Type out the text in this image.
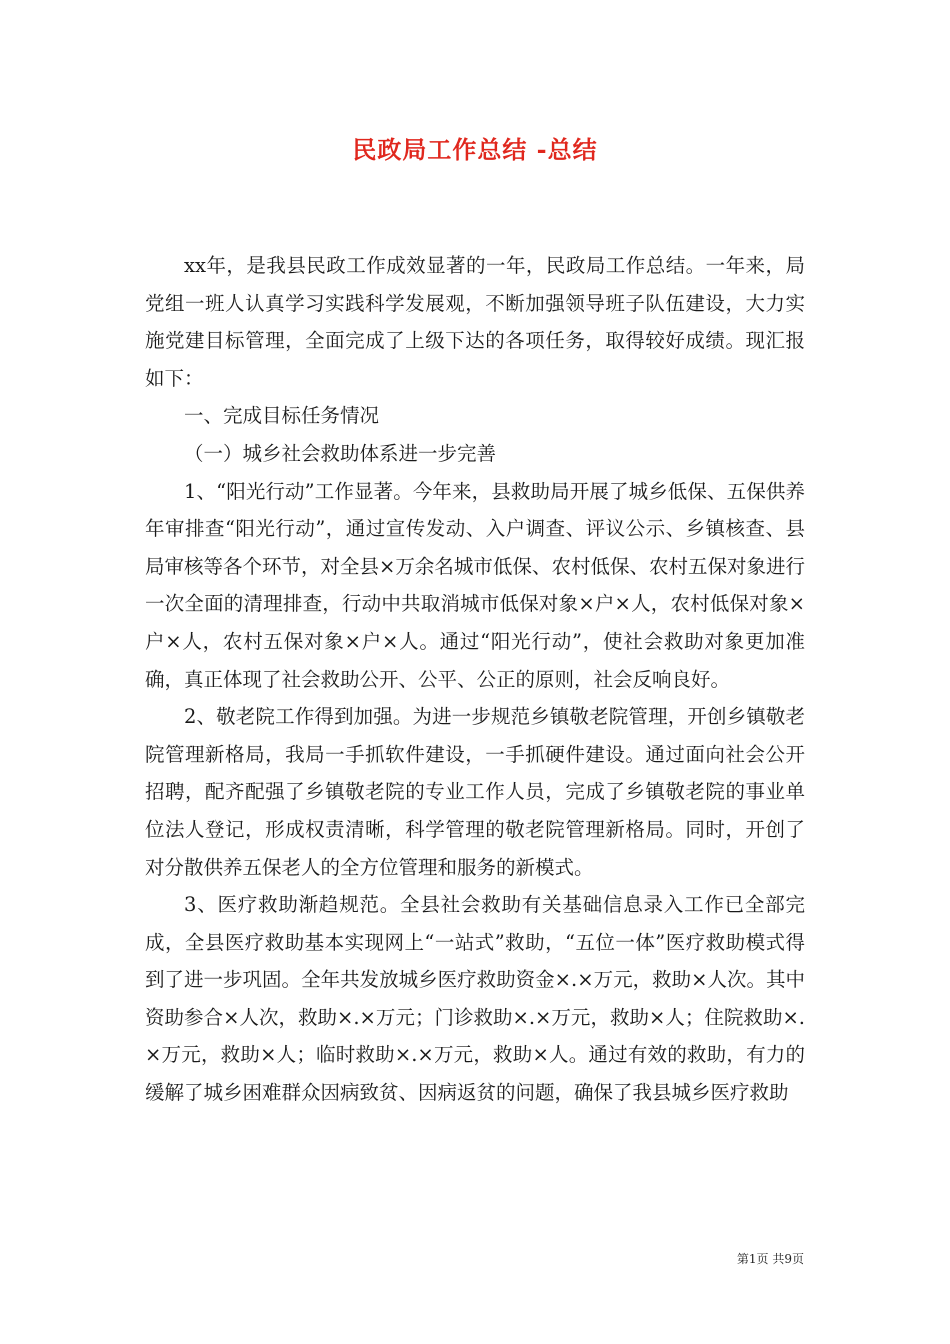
民政局工作总结 -总结

xx年，是我县民政工作成效显著的一年，民政局工作总结。一年来，局党组一班人认真学习实践科学发展观，不断加强领导班子队伍建设，大力实施党建目标管理，全面完成了上级下达的各项任务，取得较好成绩。现汇报如下：

一、完成目标任务情况

（一）城乡社会救助体系进一步完善

1、“阳光行动”工作显著。今年来，县救助局开展了城乡低保、五保供养年审排查“阳光行动”，通过宣传发动、入户调查、评议公示、乡镇核查、县局审核等各个环节，对全县×万余名城市低保、农村低保、农村五保对象进行一次全面的清理排查，行动中共取消城市低保对象×户×人，农村低保对象×户×人，农村五保对象×户×人。通过“阳光行动”，使社会救助对象更加准确，真正体现了社会救助公开、公平、公正的原则，社会反响良好。

2、敬老院工作得到加强。为进一步规范乡镇敬老院管理，开创乡镇敬老院管理新格局，我局一手抓软件建设，一手抓硬件建设。通过面向社会公开招聘，配齐配强了乡镇敬老院的专业工作人员，完成了乡镇敬老院的事业单位法人登记，形成权责清晰，科学管理的敬老院管理新格局。同时，开创了对分散供养五保老人的全方位管理和服务的新模式。

3、医疗救助渐趋规范。全县社会救助有关基础信息录入工作已全部完成，全县医疗救助基本实现网上“一站式”救助，“五位一体”医疗救助模式得到了进一步巩固。全年共发放城乡医疗救助资金×.×万元，救助×人次。其中资助参合×人次，救助×.×万元；门诊救助×.×万元，救助×人；住院救助×.×万元，救助×人；临时救助×.×万元，救助×人。通过有效的救助，有力的缓解了城乡困难群众因病致贫、因病返贫的问题，确保了我县城乡医疗救助

第1页 共9页
